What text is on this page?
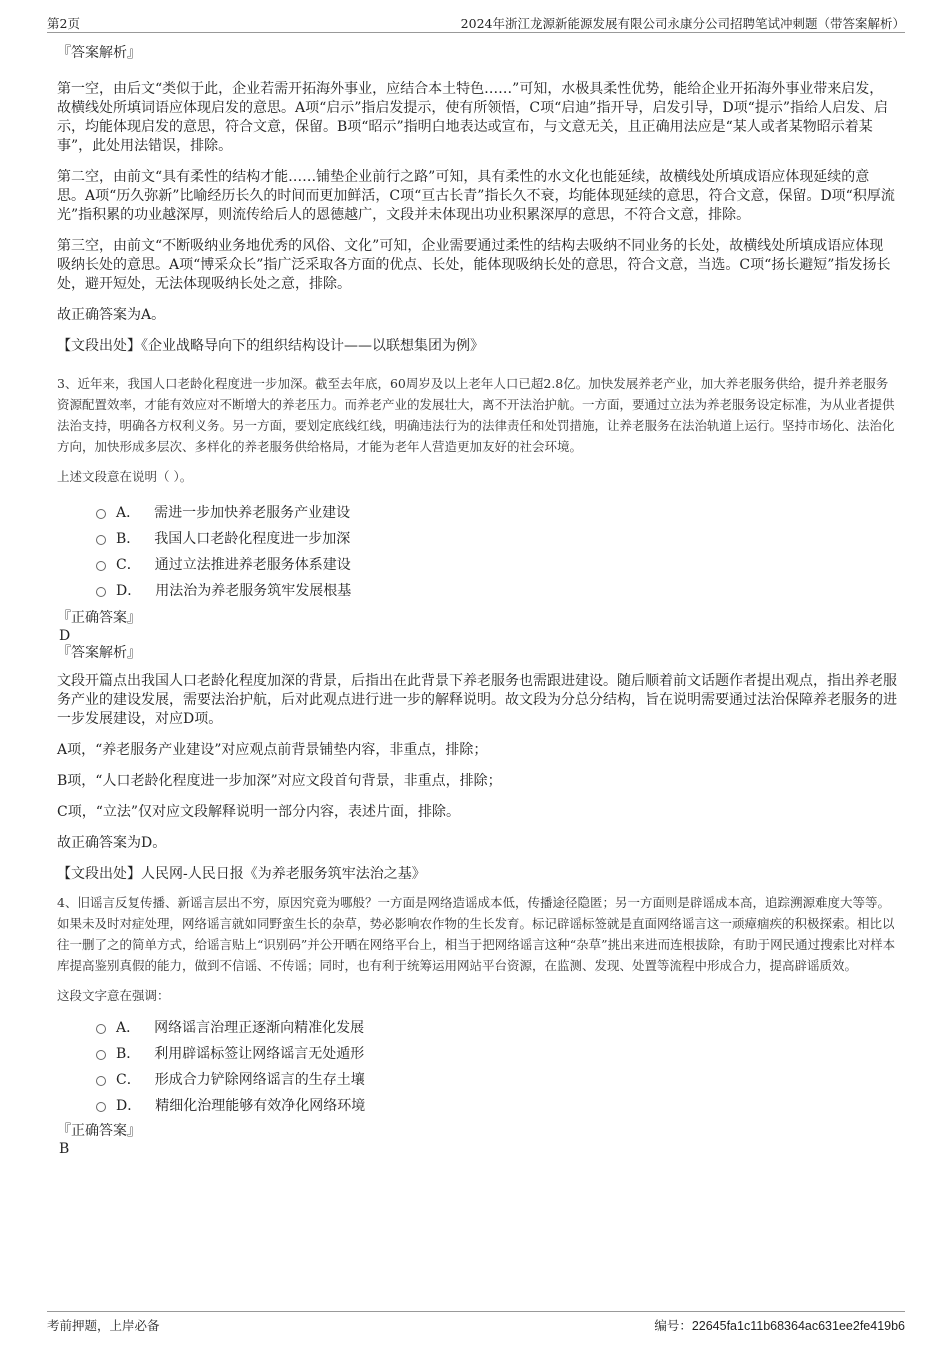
第2页	2024年浙江龙源新能源发展有限公司永康分公司招聘笔试冲刺题（带答案解析）

『答案解析』

第一空，由后文“类似于此，企业若需开拓海外事业，应结合本土特色……”可知，水极具柔性优势，能给企业开拓海外事业带来启发，故横线处所填词语应体现启发的意思。A项“启示”指启发提示，使有所领悟，C项“启迪”指开导，启发引导，D项“提示”指给人启发、启示，均能体现启发的意思，符合文意，保留。B项“昭示”指明白地表达或宣布，与文意无关，且正确用法应是“某人或者某物昭示着某事”，此处用法错误，排除。

第二空，由前文“具有柔性的结构才能……铺垫企业前行之路”可知，具有柔性的水文化也能延续，故横线处所填成语应体现延续的意思。A项“历久弥新”比喻经历长久的时间而更加鲜活，C项“亘古长青”指长久不衰，均能体现延续的意思，符合文意，保留。D项“积厚流光”指积累的功业越深厚，则流传给后人的恩德越广，文段并未体现出功业积累深厚的意思，不符合文意，排除。

第三空，由前文“不断吸纳业务地优秀的风俗、文化”可知，企业需要通过柔性的结构去吸纳不同业务的长处，故横线处所填成语应体现吸纳长处的意思。A项“博采众长”指广泛采取各方面的优点、长处，能体现吸纳长处的意思，符合文意，当选。C项“扬长避短”指发扬长处，避开短处，无法体现吸纳长处之意，排除。

故正确答案为A。

【文段出处】《企业战略导向下的组织结构设计——以联想集团为例》

3、近年来，我国人口老龄化程度进一步加深。截至去年底，60周岁及以上老年人口已超2.8亿。加快发展养老产业，加大养老服务供给，提升养老服务资源配置效率，才能有效应对不断增大的养老压力。而养老产业的发展壮大，离不开法治护航。一方面，要通过立法为养老服务设定标准，为从业者提供法治支持，明确各方权利义务。另一方面，要划定底线红线，明确违法行为的法律责任和处罚措施，让养老服务在法治轨道上运行。坚持市场化、法治化方向，加快形成多层次、多样化的养老服务供给格局，才能为老年人营造更加友好的社会环境。

上述文段意在说明（ ）。

A． 需进一步加快养老服务产业建设
B． 我国人口老龄化程度进一步加深
C． 通过立法推进养老服务体系建设
D． 用法治为养老服务筑牢发展根基

『正确答案』

D

『答案解析』

文段开篇点出我国人口老龄化程度加深的背景，后指出在此背景下养老服务也需跟进建设。随后顺着前文话题作者提出观点，指出养老服务产业的建设发展，需要法治护航，后对此观点进行进一步的解释说明。故文段为分总分结构，旨在说明需要通过法治保障养老服务的进一步发展建设，对应D项。

A项，“养老服务产业建设”对应观点前背景铺垫内容，非重点，排除；

B项，“人口老龄化程度进一步加深”对应文段首句背景，非重点，排除；

C项，“立法”仅对应文段解释说明一部分内容，表述片面，排除。

故正确答案为D。

【文段出处】人民网-人民日报《为养老服务筑牢法治之基》

4、旧谣言反复传播、新谣言层出不穷，原因究竟为哪般？一方面是网络造谣成本低，传播途径隐匿；另一方面则是辟谣成本高，追踪溯源难度大等等。如果未及时对症处理，网络谣言就如同野蛮生长的杂草，势必影响农作物的生长发育。标记辟谣标签就是直面网络谣言这一顽瘴痼疾的积极探索。相比以往一删了之的简单方式，给谣言贴上“识别码”并公开晒在网络平台上，相当于把网络谣言这种“杂草”挑出来进而连根拔除，有助于网民通过搜索比对样本库提高鉴别真假的能力，做到不信谣、不传谣；同时，也有利于统筹运用网站平台资源，在监测、发现、处置等流程中形成合力，提高辟谣质效。

这段文字意在强调：

A． 网络谣言治理正逐渐向精准化发展
B． 利用辟谣标签让网络谣言无处遁形
C． 形成合力铲除网络谣言的生存土壤
D． 精细化治理能够有效净化网络环境

『正确答案』

B

考前押题，上岸必备	编号：22645fa1c11b68364ac631ee2fe419b6
